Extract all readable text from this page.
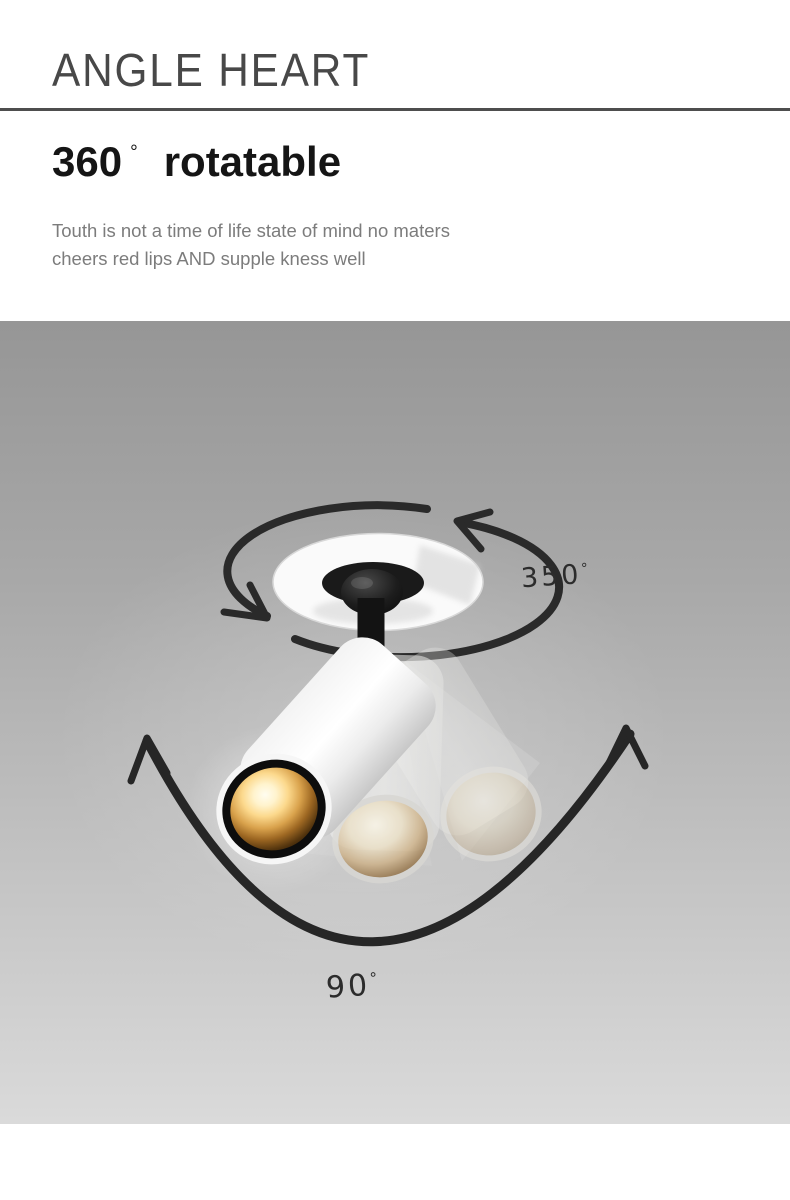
ANGLE HEART
360 ° rotatable

Touth is not a time of life state of mind no maters
cheers red lips AND supple kness well

350°
90°
